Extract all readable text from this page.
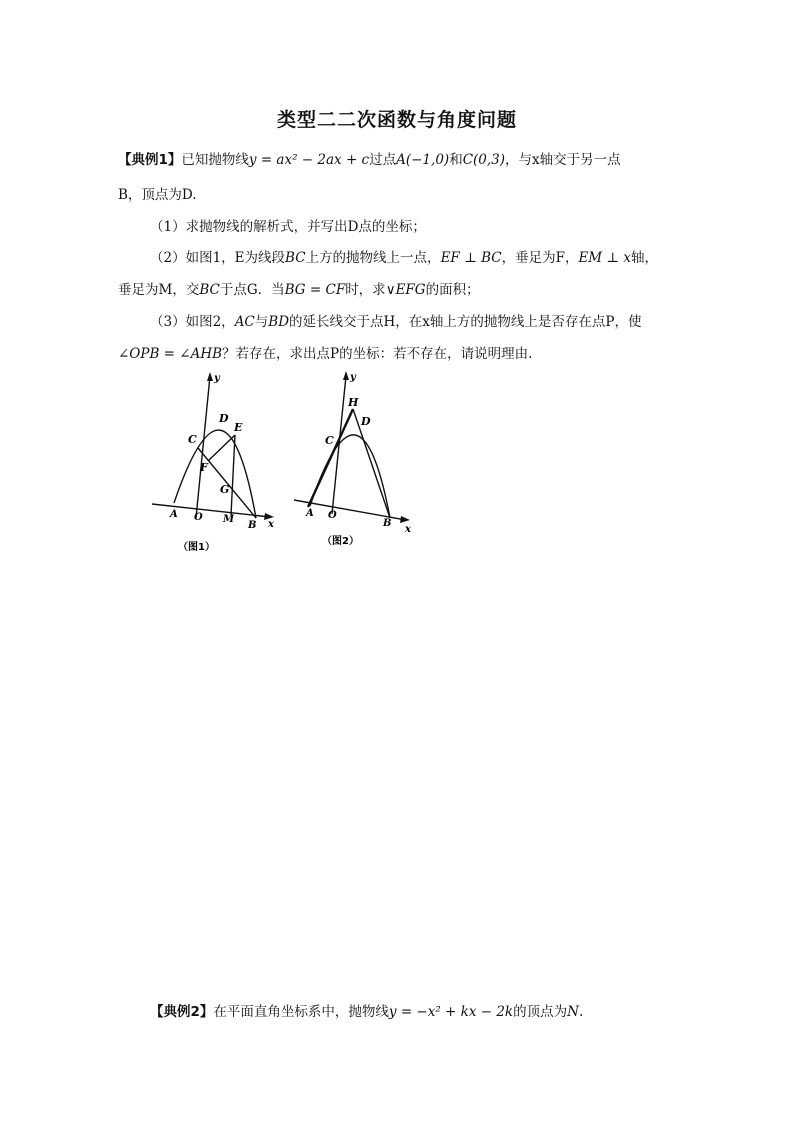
类型二二次函数与角度问题
【典例1】已知抛物线y = ax² − 2ax + c过点A(−1,0)和C(0,3)，与x轴交于另一点
B，顶点为D.
（1）求抛物线的解析式，并写出D点的坐标；
（2）如图1，E为线段BC上方的抛物线上一点，EF ⊥ BC，垂足为F，EM ⊥ x轴，
垂足为M，交BC于点G．当BG = CF时，求∨EFG的面积；
（3）如图2，AC与BD的延长线交于点H，在x轴上方的抛物线上是否存在点P，使
∠OPB = ∠AHB？若存在，求出点P的坐标：若不存在，请说明理由.
y
x
A O M
B
C
D
E
F
G
（图1）
y
x
A O
B
C
D
H
（图2）
【典例2】在平面直角坐标系中，抛物线y = −x² + kx − 2k的顶点为N.
